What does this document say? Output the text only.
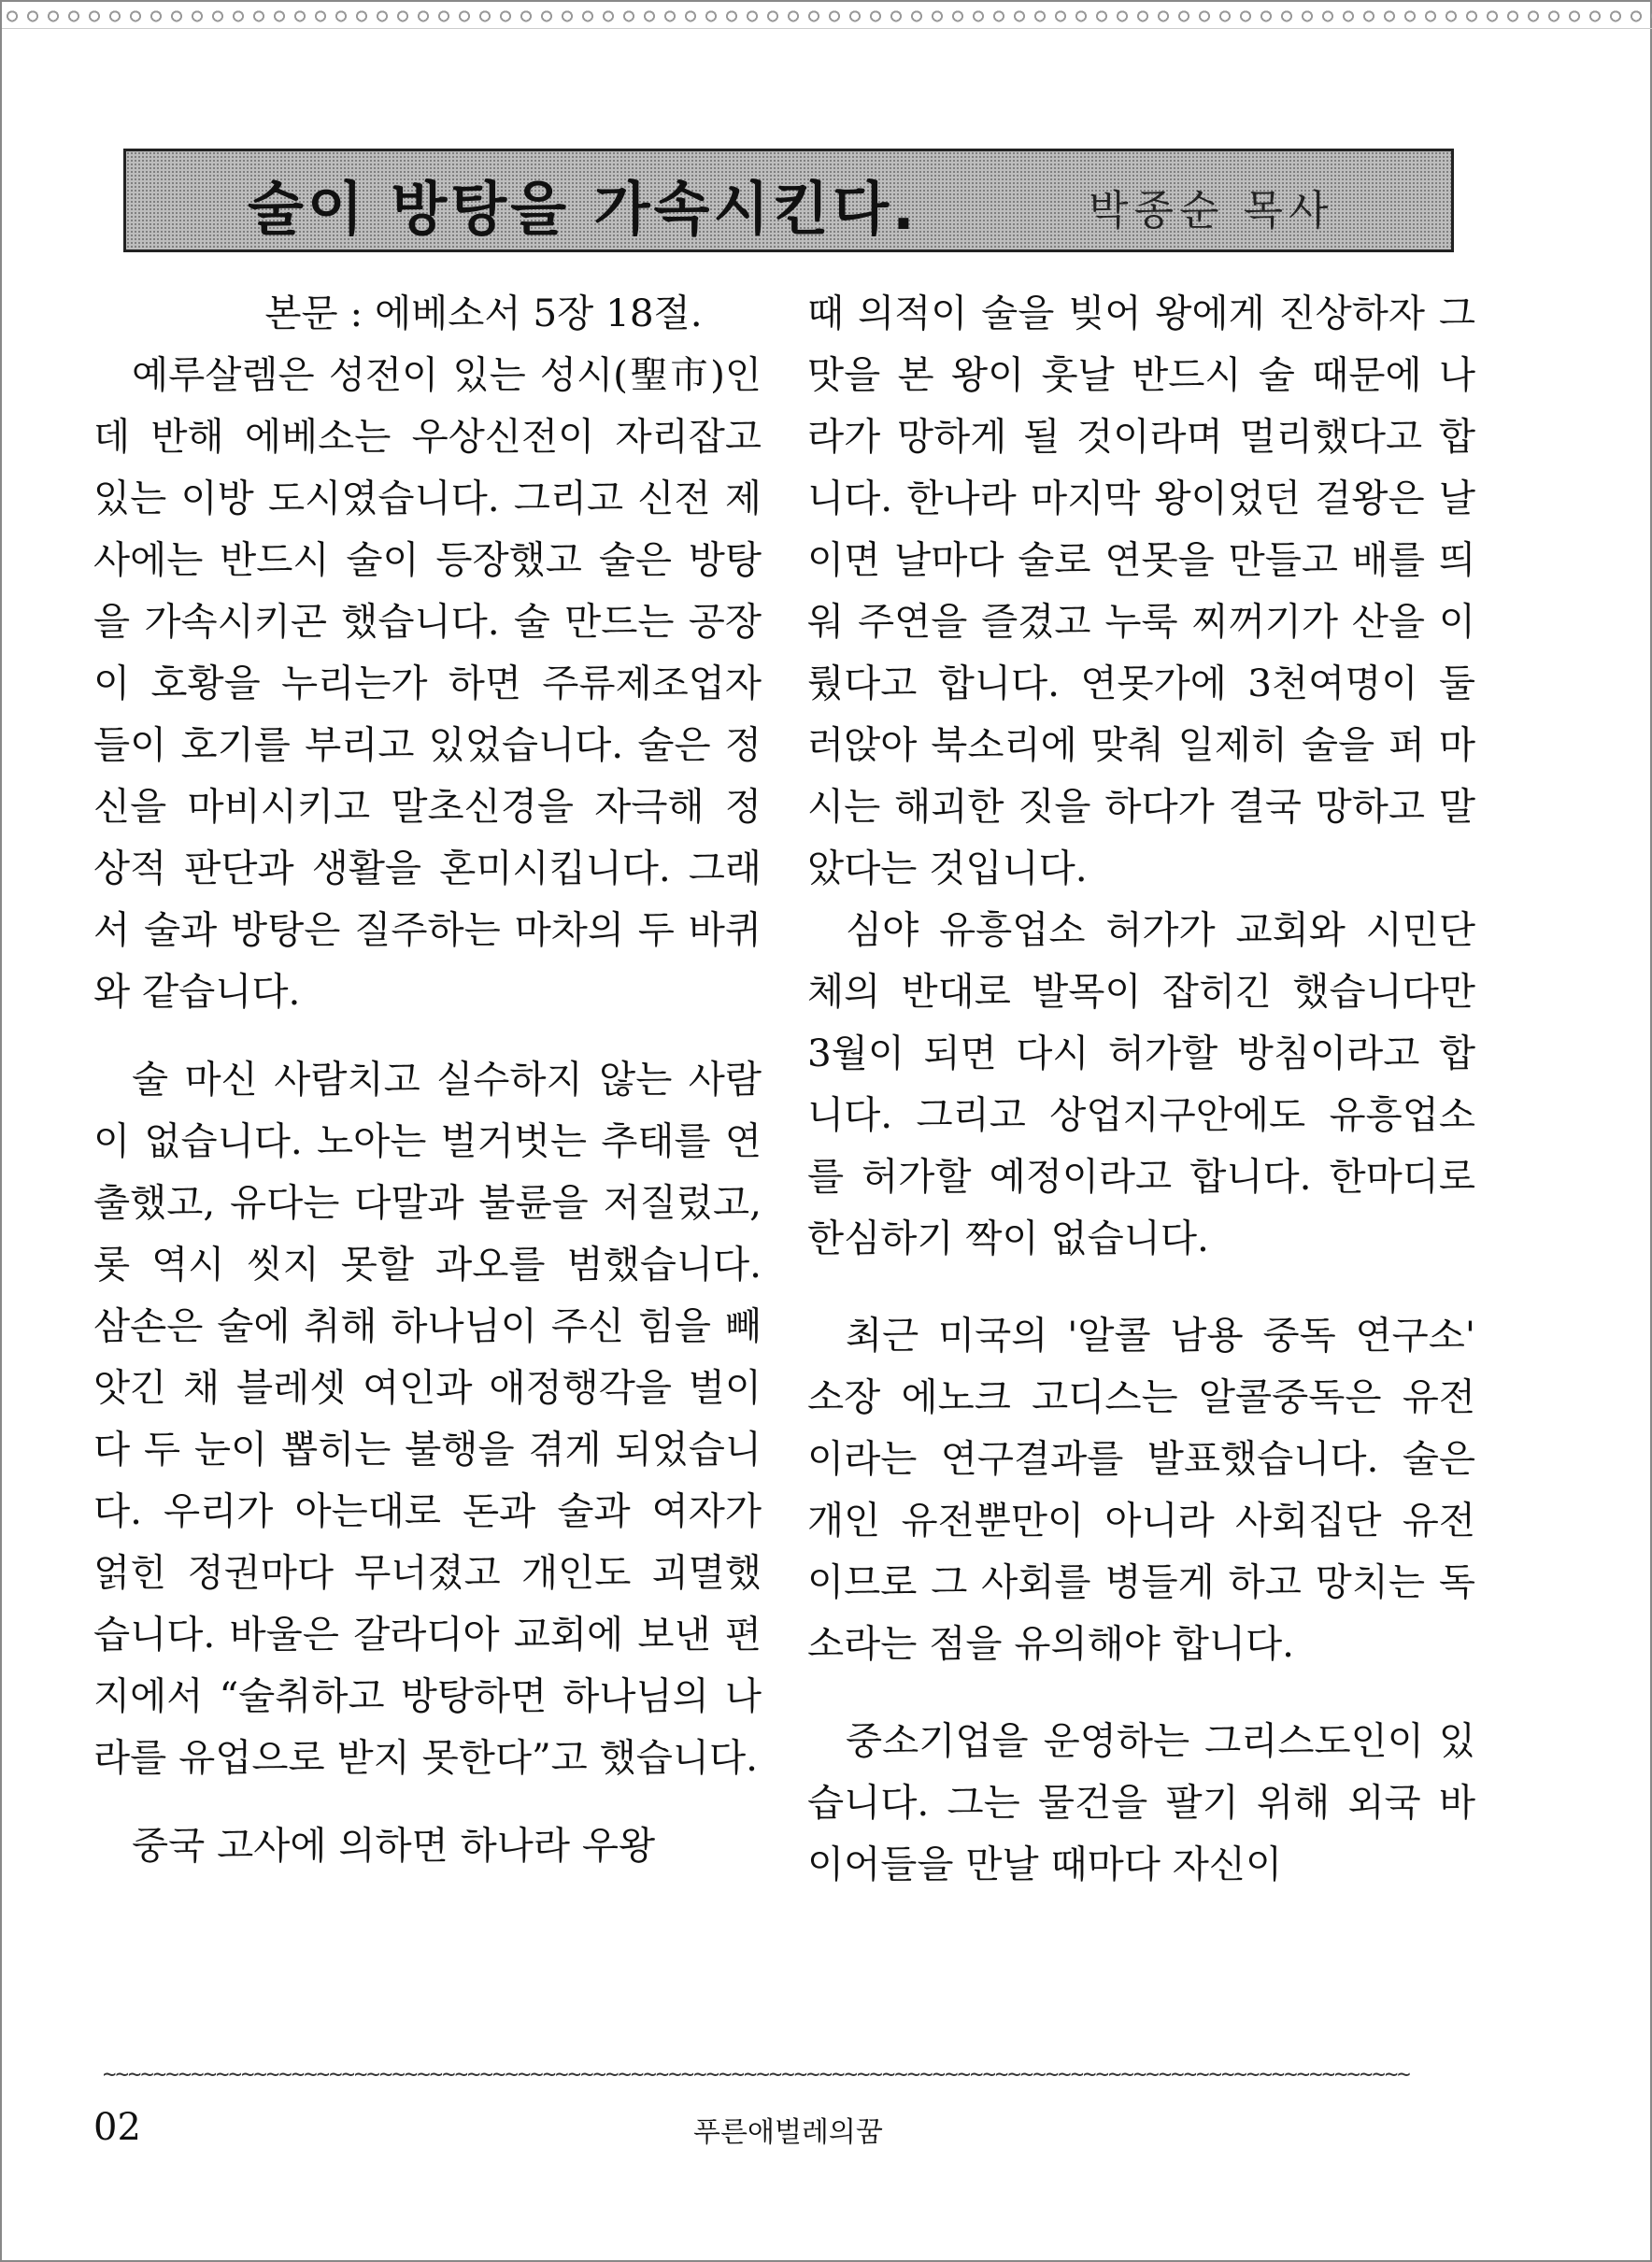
술이 방탕을 가속시킨다.	박종순 목사

본문 : 에베소서 5장 18절.

예루살렘은 성전이 있는 성시(聖市)인데 반해 에베소는 우상신전이 자리잡고 있는 이방 도시였습니다. 그리고 신전 제사에는 반드시 술이 등장했고 술은 방탕을 가속시키곤 했습니다. 술 만드는 공장이 호황을 누리는가 하면 주류제조업자들이 호기를 부리고 있었습니다. 술은 정신을 마비시키고 말초신경을 자극해 정상적 판단과 생활을 혼미시킵니다. 그래서 술과 방탕은 질주하는 마차의 두 바퀴와 같습니다.

술 마신 사람치고 실수하지 않는 사람이 없습니다. 노아는 벌거벗는 추태를 연출했고, 유다는 다말과 불륜을 저질렀고, 롯 역시 씻지 못할 과오를 범했습니다. 삼손은 술에 취해 하나님이 주신 힘을 빼앗긴 채 블레셋 여인과 애정행각을 벌이다 두 눈이 뽑히는 불행을 겪게 되었습니다. 우리가 아는대로 돈과 술과 여자가 얽힌 정권마다 무너졌고 개인도 괴멸했습니다. 바울은 갈라디아 교회에 보낸 편지에서 “술취하고 방탕하면 하나님의 나라를 유업으로 받지 못한다”고 했습니다.

중국 고사에 의하면 하나라 우왕

때 의적이 술을 빚어 왕에게 진상하자 그 맛을 본 왕이 훗날 반드시 술 때문에 나라가 망하게 될 것이라며 멀리했다고 합니다. 한나라 마지막 왕이었던 걸왕은 날이면 날마다 술로 연못을 만들고 배를 띄워 주연을 즐겼고 누룩 찌꺼기가 산을 이뤘다고 합니다. 연못가에 3천여명이 둘러앉아 북소리에 맞춰 일제히 술을 퍼 마시는 해괴한 짓을 하다가 결국 망하고 말았다는 것입니다.

심야 유흥업소 허가가 교회와 시민단체의 반대로 발목이 잡히긴 했습니다만 3월이 되면 다시 허가할 방침이라고 합니다. 그리고 상업지구안에도 유흥업소를 허가할 예정이라고 합니다. 한마디로 한심하기 짝이 없습니다.

최근 미국의 '알콜 남용 중독 연구소' 소장 에노크 고디스는 알콜중독은 유전이라는 연구결과를 발표했습니다. 술은 개인 유전뿐만이 아니라 사회집단 유전이므로 그 사회를 병들게 하고 망치는 독소라는 점을 유의해야 합니다.

중소기업을 운영하는 그리스도인이 있습니다. 그는 물건을 팔기 위해 외국 바이어들을 만날 때마다 자신이

~~~~~~~~~~~~~~~~~~~~~~~~~~~~~~~~~~~~~~~~~~~~~~~~~~~~~~~~~~~~~~~~~~~~~~~~~~~~~~~~~~~~~~~~~~~~~~~~~~~~~~~~
02	푸른애벌레의꿈
